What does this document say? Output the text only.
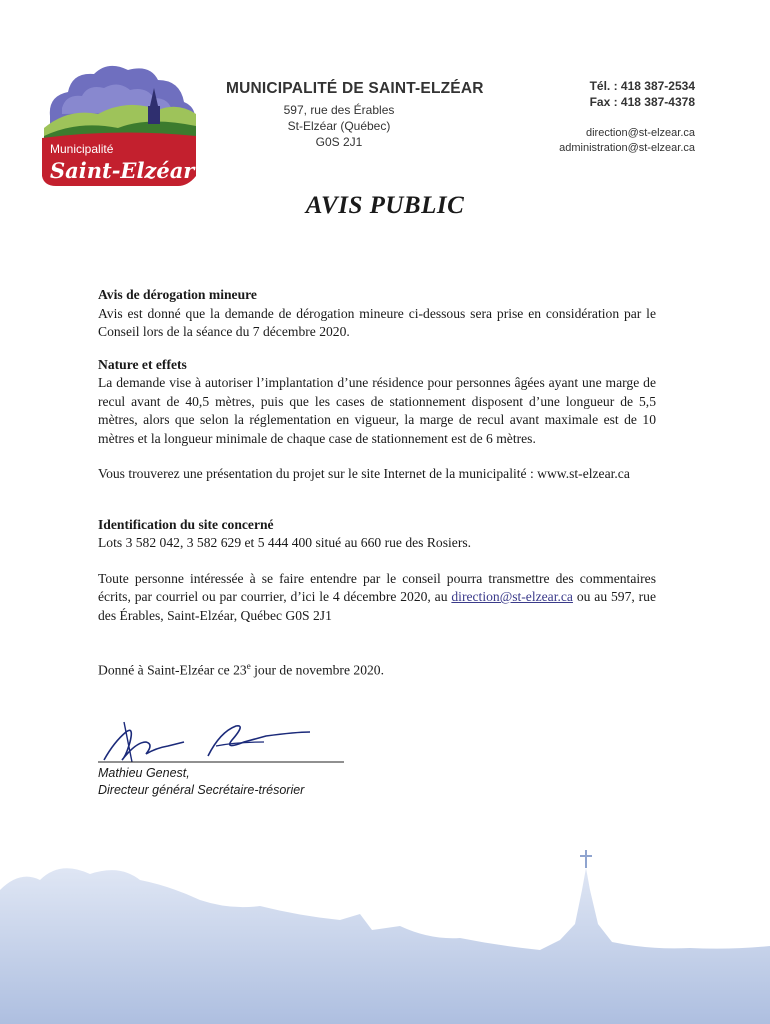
Municipalité
Saint-Elzéar
MUNICIPALITÉ DE SAINT-ELZÉAR
597, rue des Érables
St-Elzéar (Québec)
G0S 2J1
Tél. : 418 387-2534
Fax : 418 387-4378
direction@st-elzear.ca
administration@st-elzear.ca
AVIS PUBLIC
Avis de dérogation mineure
Avis est donné que la demande de dérogation mineure ci-dessous sera prise en considération par le Conseil lors de la séance du 7 décembre 2020.
Nature et effets
La demande vise à autoriser l’implantation d’une résidence pour personnes âgées ayant une marge de recul avant de 40,5 mètres, puis que les cases de stationnement disposent d’une longueur de 5,5 mètres, alors que selon la réglementation en vigueur, la marge de recul avant maximale est de 10 mètres et la longueur minimale de chaque case de stationnement est de 6 mètres.
Vous trouverez une présentation du projet sur le site Internet de la municipalité : www.st-elzear.ca
Identification du site concerné
Lots 3 582 042, 3 582 629 et 5 444 400 situé au 660 rue des Rosiers.
Toute personne intéressée à se faire entendre par le conseil pourra transmettre des commentaires écrits, par courriel ou par courrier, d’ici le 4 décembre 2020, au direction@st-elzear.ca ou au 597, rue des Érables, Saint-Elzéar, Québec G0S 2J1
Donné à Saint-Elzéar ce 23e jour de novembre 2020.
Mathieu Genest,
Directeur général Secrétaire-trésorier
